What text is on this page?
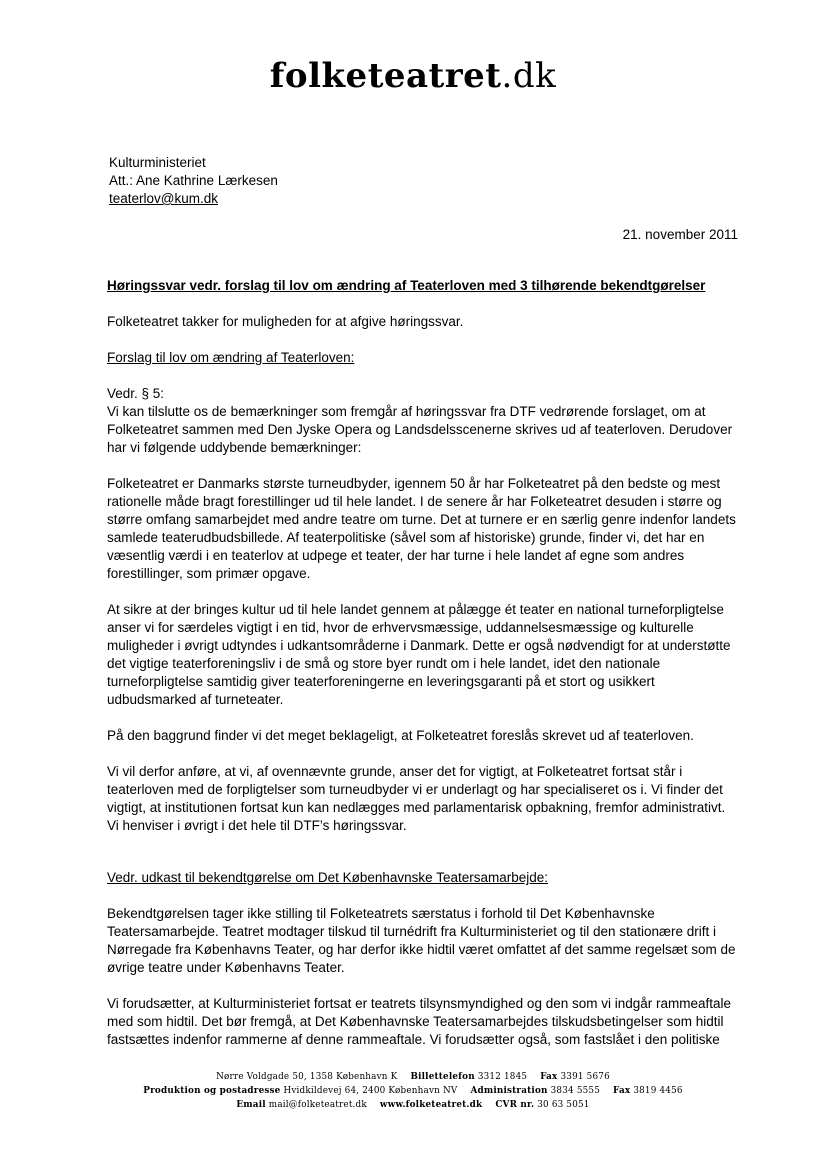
folketeatret.dk
Kulturministeriet
Att.: Ane Kathrine Lærkesen
teaterlov@kum.dk
21. november 2011

Høringssvar vedr. forslag til lov om ændring af Teaterloven med 3 tilhørende bekendtgørelser

Folketeatret takker for muligheden for at afgive høringssvar.

Forslag til lov om ændring af Teaterloven:

Vedr. § 5:

Vi kan tilslutte os de bemærkninger som fremgår af høringssvar fra DTF vedrørende forslaget, om at Folketeatret sammen med Den Jyske Opera og Landsdelsscenerne skrives ud af teaterloven. Derudover har vi følgende uddybende bemærkninger:

Folketeatret er Danmarks største turneudbyder, igennem 50 år har Folketeatret på den bedste og mest rationelle måde bragt forestillinger ud til hele landet. I de senere år har Folketeatret desuden i større og større omfang samarbejdet med andre teatre om turne. Det at turnere er en særlig genre indenfor landets samlede teaterudbudsbillede. Af teaterpolitiske (såvel som af historiske) grunde, finder vi, det har en væsentlig værdi i en teaterlov at udpege et teater, der har turne i hele landet af egne som andres forestillinger, som primær opgave.

At sikre at der bringes kultur ud til hele landet gennem at pålægge ét teater en national turneforpligtelse anser vi for særdeles vigtigt i en tid, hvor de erhvervsmæssige, uddannelsesmæssige og kulturelle muligheder i øvrigt udtyndes i udkantsområderne i Danmark. Dette er også nødvendigt for at understøtte det vigtige teaterforeningsliv i de små og store byer rundt om i hele landet, idet den nationale turneforpligtelse samtidig giver teaterforeningerne en leveringsgaranti på et stort og usikkert udbudsmarked af turneteater.

På den baggrund finder vi det meget beklageligt, at Folketeatret foreslås skrevet ud af teaterloven.

Vi vil derfor anføre, at vi, af ovennævnte grunde, anser det for vigtigt, at Folketeatret fortsat står i teaterloven med de forpligtelser som turneudbyder vi er underlagt og har specialiseret os i. Vi finder det vigtigt, at institutionen fortsat kun kan nedlægges med parlamentarisk opbakning, fremfor administrativt. Vi henviser i øvrigt i det hele til DTF’s høringssvar.

Vedr. udkast til bekendtgørelse om Det Københavnske Teatersamarbejde:

Bekendtgørelsen tager ikke stilling til Folketeatrets særstatus i forhold til Det Københavnske Teatersamarbejde. Teatret modtager tilskud til turnédrift fra Kulturministeriet og til den stationære drift i Nørregade fra Københavns Teater, og har derfor ikke hidtil været omfattet af det samme regelsæt som de øvrige teatre under Københavns Teater.

Vi forudsætter, at Kulturministeriet fortsat er teatrets tilsynsmyndighed og den som vi indgår rammeaftale med som hidtil. Det bør fremgå, at Det Københavnske Teatersamarbejdes tilskudsbetingelser som hidtil fastsættes indenfor rammerne af denne rammeaftale. Vi forudsætter også, som fastslået i den politiske

Nørre Voldgade 50, 1358 København K Billettelefon 3312 1845 Fax 3391 5676
Produktion og postadresse Hvidkildevej 64, 2400 København NV Administration 3834 5555 Fax 3819 4456
Email mail@folketeatret.dk www.folketeatret.dk CVR nr. 30 63 5051
